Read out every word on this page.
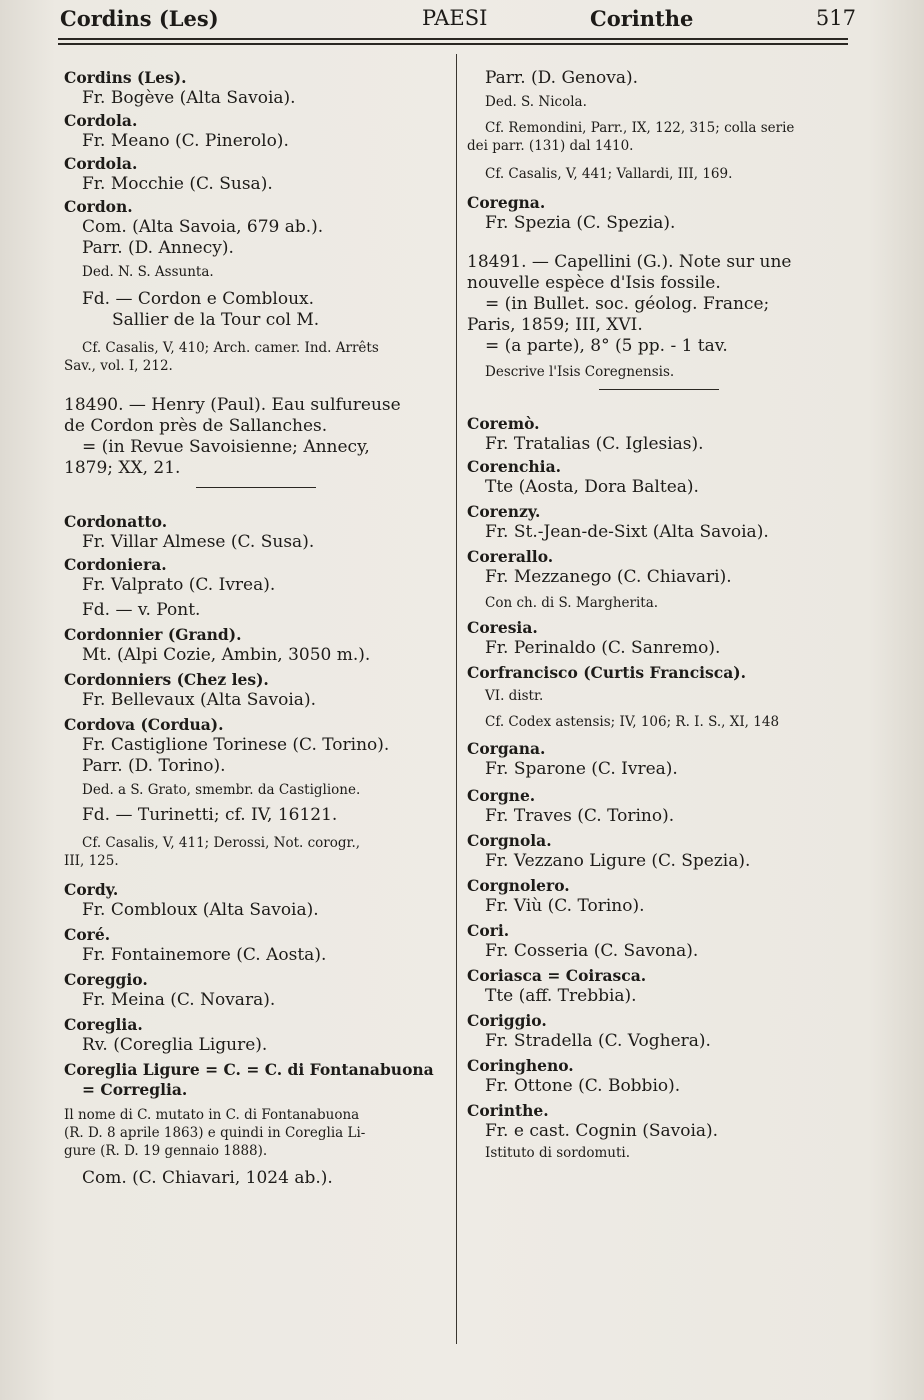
Cordins (Les)	PAESI	Corinthe	517
Cordins (Les).
Fr. Bogève (Alta Savoia).
Cordola.
Fr. Meano (C. Pinerolo).
Cordola.
Fr. Mocchie (C. Susa).
Cordon.
Com. (Alta Savoia, 679 ab.).
Parr. (D. Annecy).
Ded. N. S. Assunta.
Fd. — Cordon e Combloux.
Sallier de la Tour col M.
Cf. Casalis, V, 410; Arch. camer. Ind. Arrêts
Sav., vol. I, 212.
18490. — Henry (Paul). Eau sulfureuse
de Cordon près de Sallanches.
= (in Revue Savoisienne; Annecy,
1879; XX, 21.
Cordonatto.
Fr. Villar Almese (C. Susa).
Cordoniera.
Fr. Valprato (C. Ivrea).
Fd. — v. Pont.
Cordonnier (Grand).
Mt. (Alpi Cozie, Ambin, 3050 m.).
Cordonniers (Chez les).
Fr. Bellevaux (Alta Savoia).
Cordova (Cordua).
Fr. Castiglione Torinese (C. Torino).
Parr. (D. Torino).
Ded. a S. Grato, smembr. da Castiglione.
Fd. — Turinetti; cf. IV, 16121.
Cf. Casalis, V, 411; Derossi, Not. corogr.,
III, 125.
Cordy.
Fr. Combloux (Alta Savoia).
Coré.
Fr. Fontainemore (C. Aosta).
Coreggio.
Fr. Meina (C. Novara).
Coreglia.
Rv. (Coreglia Ligure).
Coreglia Ligure = C. = C. di Fontanabuona
= Correglia.
Il nome di C. mutato in C. di Fontanabuona
(R. D. 8 aprile 1863) e quindi in Coreglia Li-
gure (R. D. 19 gennaio 1888).
Com. (C. Chiavari, 1024 ab.).
Parr. (D. Genova).
Ded. S. Nicola.
Cf. Remondini, Parr., IX, 122, 315; colla serie
dei parr. (131) dal 1410.
Cf. Casalis, V, 441; Vallardi, III, 169.
Coregna.
Fr. Spezia (C. Spezia).
18491. — Capellini (G.). Note sur une
nouvelle espèce d'Isis fossile.
= (in Bullet. soc. géolog. France;
Paris, 1859; III, XVI.
= (a parte), 8° (5 pp. - 1 tav.
Descrive l'Isis Coregnensis.
Coremò.
Fr. Tratalias (C. Iglesias).
Corenchia.
Tte (Aosta, Dora Baltea).
Corenzy.
Fr. St.-Jean-de-Sixt (Alta Savoia).
Corerallo.
Fr. Mezzanego (C. Chiavari).
Con ch. di S. Margherita.
Coresia.
Fr. Perinaldo (C. Sanremo).
Corfrancisco (Curtis Francisca).
VI. distr.
Cf. Codex astensis; IV, 106; R. I. S., XI, 148
Corgana.
Fr. Sparone (C. Ivrea).
Corgne.
Fr. Traves (C. Torino).
Corgnola.
Fr. Vezzano Ligure (C. Spezia).
Corgnolero.
Fr. Viù (C. Torino).
Cori.
Fr. Cosseria (C. Savona).
Coriasca = Coirasca.
Tte (aff. Trebbia).
Coriggio.
Fr. Stradella (C. Voghera).
Coringheno.
Fr. Ottone (C. Bobbio).
Corinthe.
Fr. e cast. Cognin (Savoia).
Istituto di sordomuti.
